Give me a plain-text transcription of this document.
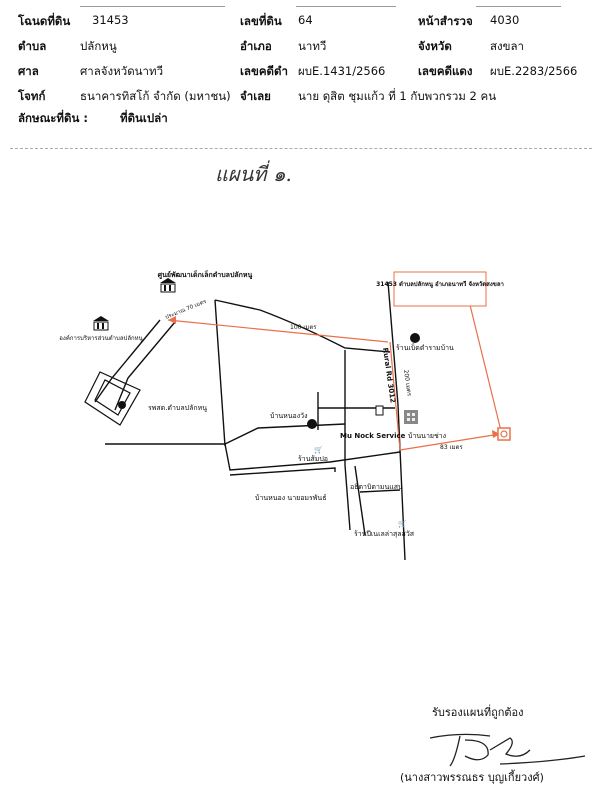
โฉนดที่ดิน 31453	เลขที่ดิน 64	หน้าสำรวจ 4030
ตำบล	ปลักหนู	อำเภอ นาทวี	จังหวัด	สงขลา
ศาล	ศาลจังหวัดนาทวี	เลขคดีดำ ผบE.1431/2566	เลขคดีแดง ผบE.2283/2566
โจทก์	ธนาคารทิสโก้ จำกัด (มหาชน) จำเลย นาย ดุสิต ชุมแก้ว ที่ 1 กับพวกรวม 2 คน
ลักษณะที่ดิน :	ที่ดินเปล่า
แผนที่ ๑.
31453 ตำบลปลักหนู อำเภอนาทวี จังหวัดสงขลา
ศูนย์พัฒนาเด็กเล็กตำบลปลักหนู
องค์การบริหารส่วนตำบลปลักหนู
รพสต.ตำบลปลักหนู
ร้านเบ็ดตำรามบ้าน
Rural Rd 3012 200 เมตร
ประมาณ 70 เมตร
100 เมตร
83 เมตร
บ้านนายช่าง
บ้านหนองวัง
Mu Nock Service
🛒
ร้านส้มปอ
บ้านหนอง นายอมรพันธ์
อธิตาบิตามนแสน
🛒
ร้านปีเนเลล่าสุลสวัส
รับรองแผนที่ถูกต้อง
(นางสาวพรรณธร บุญเกี้ยวงศ์)
